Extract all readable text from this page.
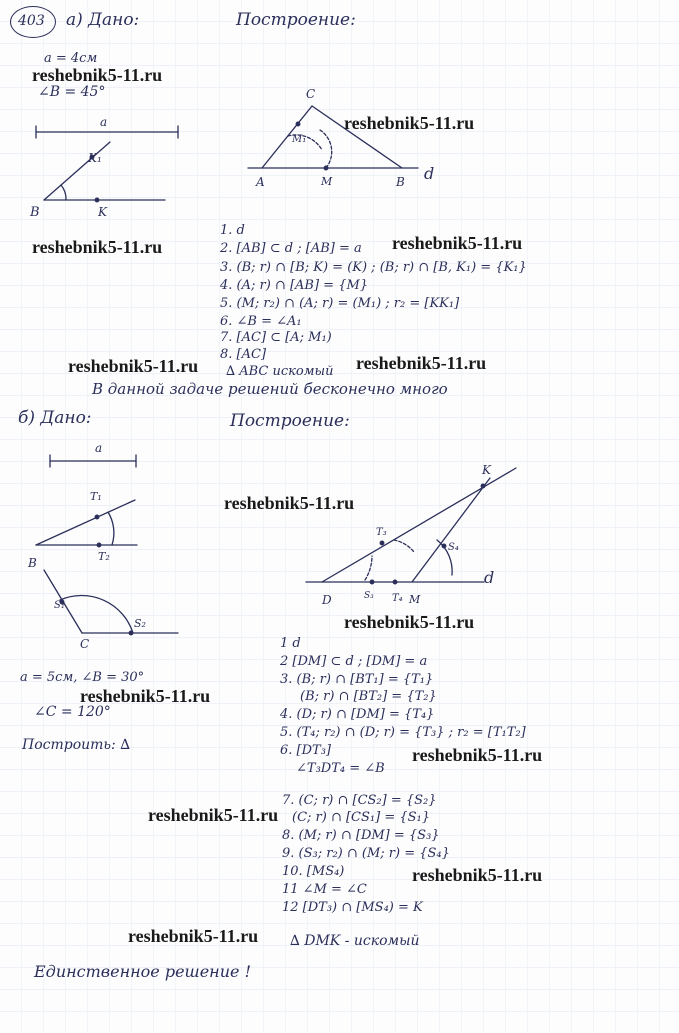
403 а) Дано:	Построение:
a = 4см
∠B = 45°
a
K₁
B	K
C
M₁
A	M	B d
1. d
2. [AB] ⊂ d ; [AB] = a
3. (B; r) ∩ [B; K) = (K) ; (B; r) ∩ [B, K₁) = {K₁}
4. (A; r) ∩ [AB] = {M}
5. (M; r₂) ∩ (A; r) = (M₁) ; r₂ = [KK₁]
6. ∠B = ∠A₁
7. [AC] ⊂ [A; M₁)
8. [AC]
∆ ABC искомый
В данной задаче решений бесконечно много
б) Дано:	Построение:
a
T₁
T₂
B
S₁
C
S₂
K
T₃
S₄
d
D	S₃ T₄ M
a = 5см, ∠B = 30°
∠C = 120°
Построить: ∆
1 d
2 [DM] ⊂ d ; [DM] = a
3. (B; r) ∩ [BT₁] = {T₁}
(B; r) ∩ [BT₂] = {T₂}
4. (D; r) ∩ [DM] = {T₄}
5. (T₄; r₂) ∩ (D; r) = {T₃} ; r₂ = [T₁T₂]
6. [DT₃]
∠T₃DT₄ = ∠B
7. (C; r) ∩ [CS₂] = {S₂}
(C; r) ∩ [CS₁] = {S₁}
8. (M; r) ∩ [DM] = {S₃}
9. (S₃; r₂) ∩ (M; r) = {S₄}
10. [MS₄)
11 ∠M = ∠C
12 [DT₃) ∩ [MS₄) = K
∆ DMK - искомый
Единственное решение !
reshebnik5-11.ru
reshebnik5-11.ru
reshebnik5-11.ru	reshebnik5-11.ru
reshebnik5-11.ru	reshebnik5-11.ru
reshebnik5-11.ru
reshebnik5-11.ru
reshebnik5-11.ru
reshebnik5-11.ru
reshebnik5-11.ru
reshebnik5-11.ru
reshebnik5-11.ru
